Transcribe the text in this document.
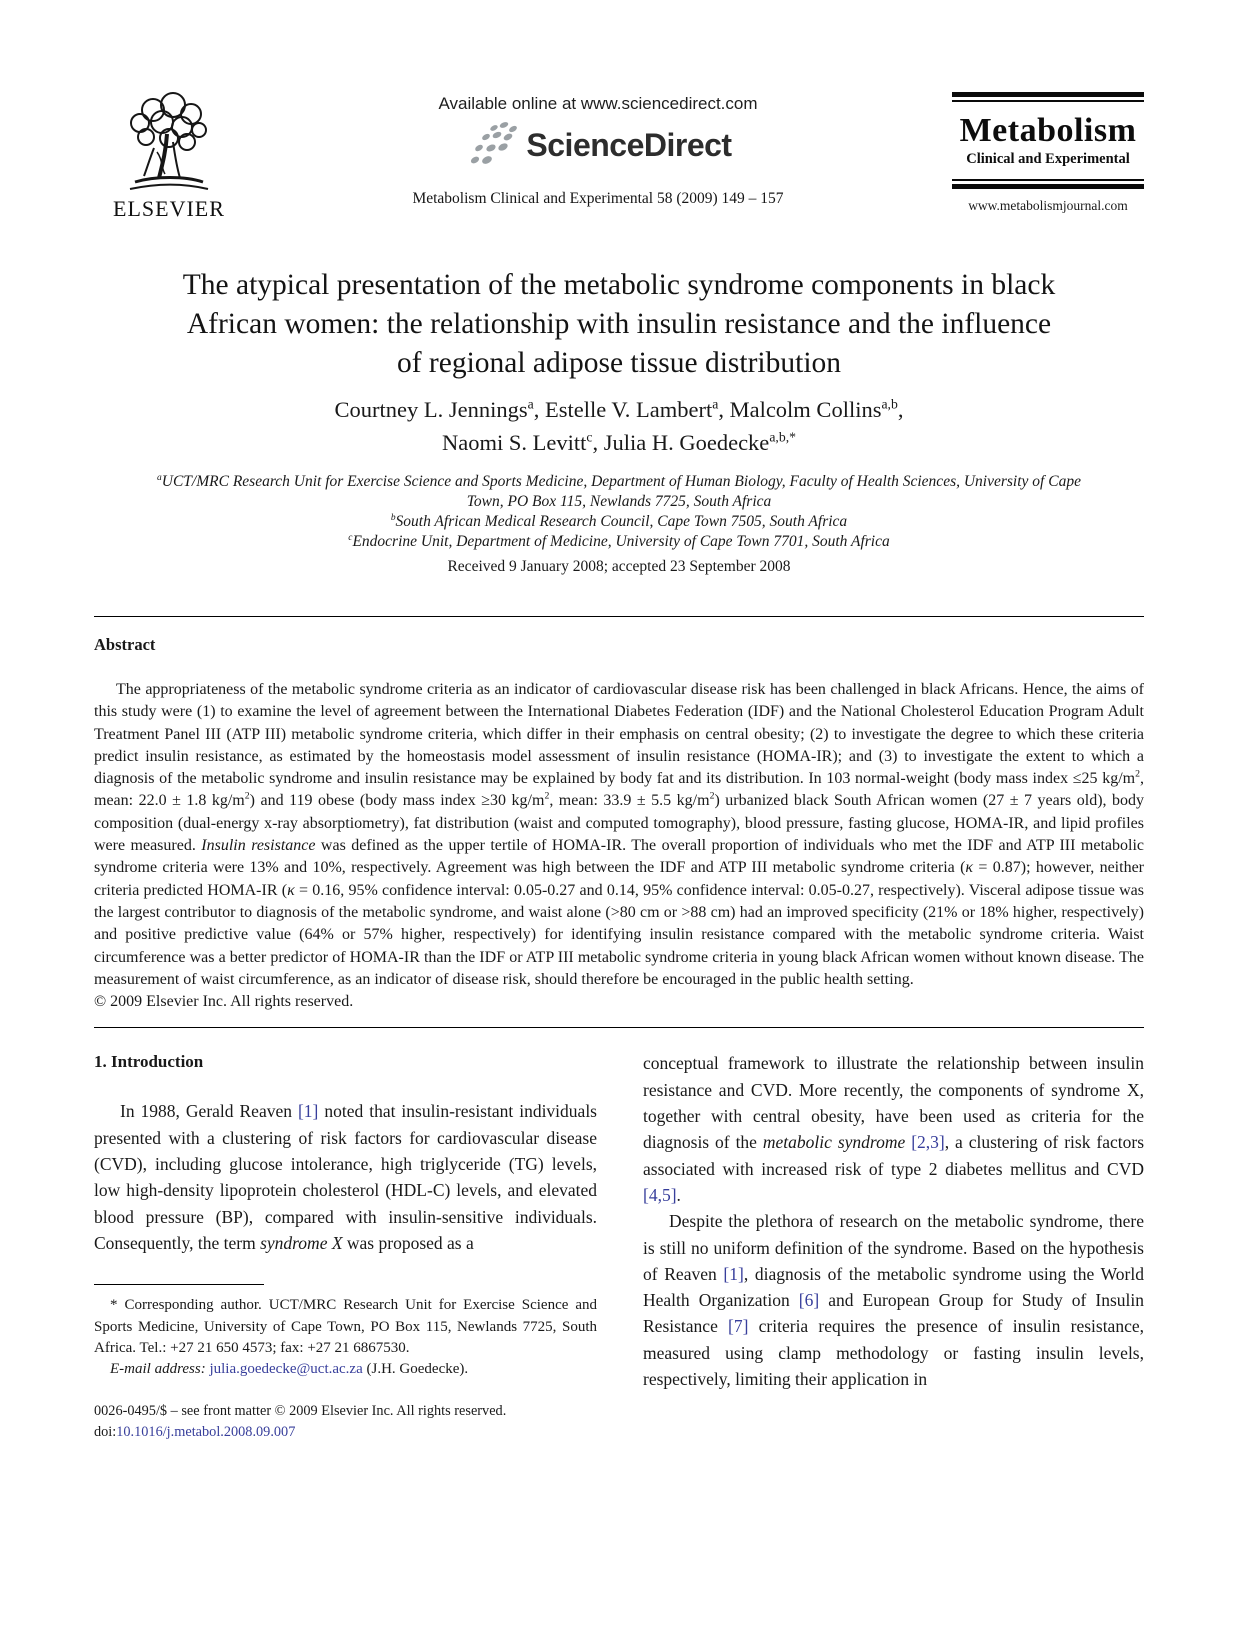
ELSEVIER
Available online at www.sciencedirect.com
ScienceDirect
Metabolism Clinical and Experimental 58 (2009) 149 – 157
Metabolism
Clinical and Experimental
www.metabolismjournal.com
The atypical presentation of the metabolic syndrome components in black
African women: the relationship with insulin resistance and the influence
of regional adipose tissue distribution
Courtney L. Jennings$^a$, Estelle V. Lambert$^a$, Malcolm Collins$^{a,b}$,
Naomi S. Levitt$^c$, Julia H. Goedecke$^{a,b,*}$
$^a$UCT/MRC Research Unit for Exercise Science and Sports Medicine, Department of Human Biology, Faculty of Health Sciences, University of Cape Town, PO Box 115, Newlands 7725, South Africa
$^b$South African Medical Research Council, Cape Town 7505, South Africa
$^c$Endocrine Unit, Department of Medicine, University of Cape Town 7701, South Africa
Received 9 January 2008; accepted 23 September 2008
Abstract

The appropriateness of the metabolic syndrome criteria as an indicator of cardiovascular disease risk has been challenged in black Africans. Hence, the aims of this study were (1) to examine the level of agreement between the International Diabetes Federation (IDF) and the National Cholesterol Education Program Adult Treatment Panel III (ATP III) metabolic syndrome criteria, which differ in their emphasis on central obesity; (2) to investigate the degree to which these criteria predict insulin resistance, as estimated by the homeostasis model assessment of insulin resistance (HOMA-IR); and (3) to investigate the extent to which a diagnosis of the metabolic syndrome and insulin resistance may be explained by body fat and its distribution. In 103 normal-weight (body mass index ≤25 $kg/m^2$, mean: 22.0 ± 1.8 $kg/m^2$) and 119 obese (body mass index ≥30 $kg/m^2$, mean: 33.9 ± 5.5 $kg/m^2$) urbanized black South African women (27 ± 7 years old), body composition (dual-energy x-ray absorptiometry), fat distribution (waist and computed tomography), blood pressure, fasting glucose, HOMA-IR, and lipid profiles were measured. Insulin resistance was defined as the upper tertile of HOMA-IR. The overall proportion of individuals who met the IDF and ATP III metabolic syndrome criteria were 13% and 10%, respectively. Agreement was high between the IDF and ATP III metabolic syndrome criteria (κ = 0.87); however, neither criteria predicted HOMA-IR (κ = 0.16, 95% confidence interval: 0.05-0.27 and 0.14, 95% confidence interval: 0.05-0.27, respectively). Visceral adipose tissue was the largest contributor to diagnosis of the metabolic syndrome, and waist alone (>80 cm or >88 cm) had an improved specificity (21% or 18% higher, respectively) and positive predictive value (64% or 57% higher, respectively) for identifying insulin resistance compared with the metabolic syndrome criteria. Waist circumference was a better predictor of HOMA-IR than the IDF or ATP III metabolic syndrome criteria in young black African women without known disease. The measurement of waist circumference, as an indicator of disease risk, should therefore be encouraged in the public health setting.

© 2009 Elsevier Inc. All rights reserved.
1. Introduction

In 1988, Gerald Reaven [1] noted that insulin-resistant individuals presented with a clustering of risk factors for cardiovascular disease (CVD), including glucose intolerance, high triglyceride (TG) levels, low high-density lipoprotein cholesterol (HDL-C) levels, and elevated blood pressure (BP), compared with insulin-sensitive individuals. Consequently, the term syndrome X was proposed as a

* Corresponding author. UCT/MRC Research Unit for Exercise Science and Sports Medicine, University of Cape Town, PO Box 115, Newlands 7725, South Africa. Tel.: +27 21 650 4573; fax: +27 21 6867530.

E-mail address: julia.goedecke@uct.ac.za (J.H. Goedecke).

0026-0495/$ – see front matter © 2009 Elsevier Inc. All rights reserved.
doi:10.1016/j.metabol.2008.09.007

conceptual framework to illustrate the relationship between insulin resistance and CVD. More recently, the components of syndrome X, together with central obesity, have been used as criteria for the diagnosis of the metabolic syndrome [2,3], a clustering of risk factors associated with increased risk of type 2 diabetes mellitus and CVD [4,5].

Despite the plethora of research on the metabolic syndrome, there is still no uniform definition of the syndrome. Based on the hypothesis of Reaven [1], diagnosis of the metabolic syndrome using the World Health Organization [6] and European Group for Study of Insulin Resistance [7] criteria requires the presence of insulin resistance, measured using clamp methodology or fasting insulin levels, respectively, limiting their application in
